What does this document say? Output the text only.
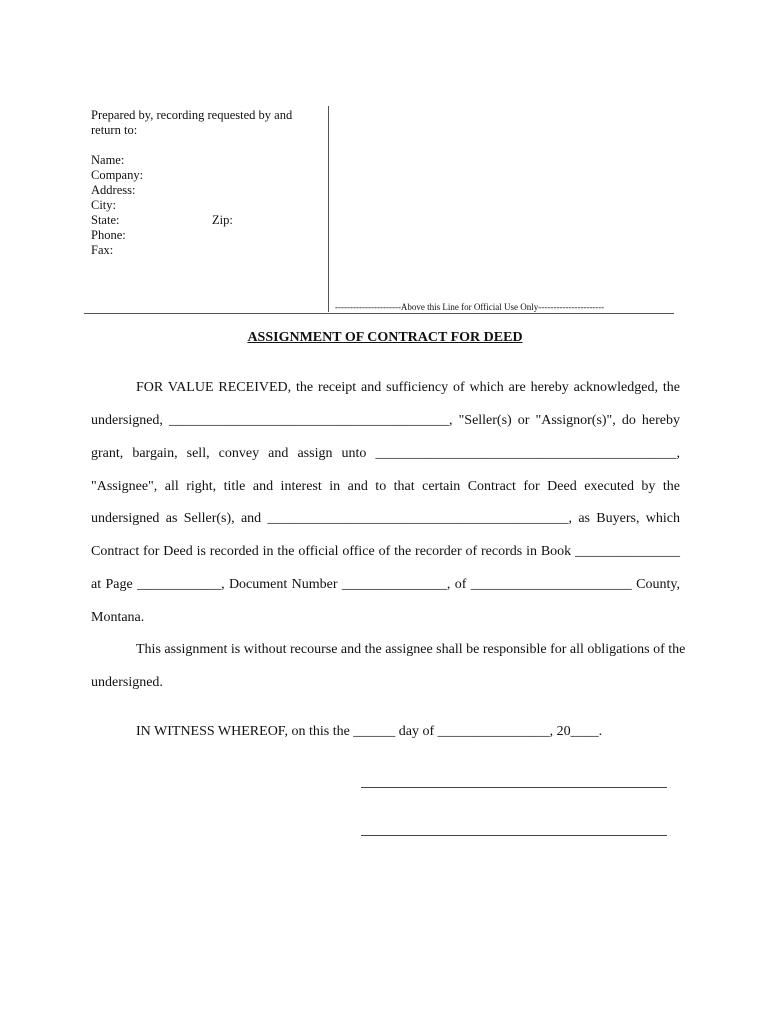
Prepared by, recording requested by and
return to:
Name:
Company:
Address:
City:
State:	Zip:
Phone:
Fax:
----------------------Above this Line for Official Use Only----------------------
ASSIGNMENT OF CONTRACT FOR DEED
FOR VALUE RECEIVED, the receipt and sufficiency of which are hereby acknowledged, the
undersigned, ________________________________________, "Seller(s) or "Assignor(s)", do hereby
grant, bargain, sell, convey and assign unto ___________________________________________,
"Assignee", all right, title and interest in and to that certain Contract for Deed executed by the
undersigned as Seller(s), and ___________________________________________, as Buyers, which
Contract for Deed is recorded in the official office of the recorder of records in Book _______________
at Page ____________, Document Number _______________, of _______________________ County,
Montana.
This assignment is without recourse and the assignee shall be responsible for all obligations of the
undersigned.
IN WITNESS WHEREOF, on this the ______ day of ________________, 20____.
